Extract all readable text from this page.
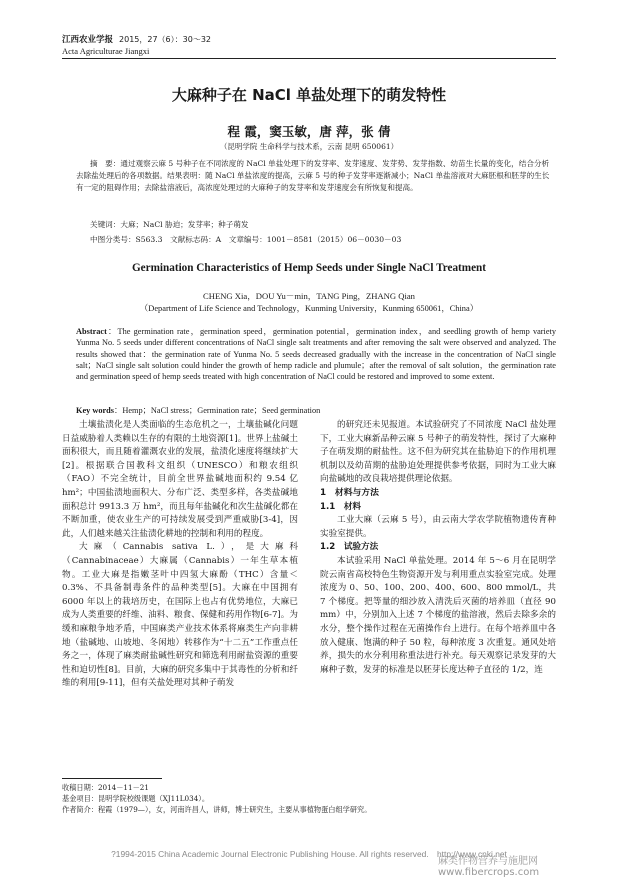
江西农业学报 2015，27（6）：30～32
Acta Agriculturae Jiangxi
大麻种子在 NaCl 单盐处理下的萌发特性
程 霞，窦玉敏，唐 萍，张 倩
（昆明学院 生命科学与技术系，云南 昆明 650061）
摘　要：通过观察云麻 5 号种子在不同浓度的 NaCl 单盐处理下的发芽率、发芽速度、发芽势、发芽指数、幼苗生长量的变化，结合分析去除盐处理后的各项数据。结果表明：随 NaCl 单盐浓度的提高，云麻 5 号的种子发芽率逐渐减小；NaCl 单盐溶液对大麻胚根和胚芽的生长有一定的阻碍作用；去除盐溶液后，高浓度处理过的大麻种子的发芽率和发芽速度会有所恢复和提高。
关键词：大麻；NaCl 胁迫；发芽率；种子萌发
中图分类号：S563.3　文献标志码：A　文章编号：1001－8581（2015）06－0030－03
Germination Characteristics of Hemp Seeds under Single NaCl Treatment
CHENG Xia，DOU Yu－min，TANG Ping，ZHANG Qian
（Department of Life Science and Technology，Kunming University，Kunming 650061，China）
Abstract：The germination rate，germination speed，germination potential，germination index，and seedling growth of hemp variety Yunma No. 5 seeds under different concentrations of NaCl single salt treatments and after removing the salt were observed and analyzed. The results showed that：the germination rate of Yunma No. 5 seeds decreased gradually with the increase in the concentration of NaCl single salt；NaCl single salt solution could hinder the growth of hemp radicle and plumule；after the removal of salt solution，the germination rate and germination speed of hemp seeds treated with high concentration of NaCl could be restored and improved to some extent.
Key words：Hemp；NaCl stress；Germination rate；Seed germination

土壤盐渍化是人类面临的生态危机之一，土壤盐碱化问题日益威胁着人类赖以生存的有限的土地资源[1]。世界上盐碱土面积很大，而且随着灌溉农业的发展，盐渍化速度将继续扩大[2]。根据联合国教科文组织（UNESCO）和粮农组织（FAO）不完全统计，目前全世界盐碱地面积约 9.54 亿 hm²；中国盐渍地面积大、分布广泛、类型多样，各类盐碱地面积总计 9913.3 万 hm²，而且每年盐碱化和次生盐碱化都在不断加重，使农业生产的可持续发展受到严重威胁[3-4]，因此，人们越来越关注盐渍化耕地的控制和利用的程度。

大麻（Cannabis sativa L.），是大麻科（Cannabinaceae）大麻属（Cannabis）一年生草本植物。工业大麻是指嫩茎叶中四氢大麻酚（THC）含量＜0.3%、不具备制毒条件的品种类型[5]。大麻在中国拥有 6000 年以上的栽培历史，在国际上也占有优势地位，大麻已成为人类重要的纤维、油料、粮食、保健和药用作物[6-7]。为缓和麻粮争地矛盾，中国麻类产业技术体系将麻类生产向非耕地（盐碱地、山坡地、冬闲地）转移作为“十二五”工作重点任务之一，体现了麻类耐盐碱性研究和筛选利用耐盐资源的重要性和迫切性[8]。目前，大麻的研究多集中于其毒性的分析和纤维的利用[9-11]，但有关盐处理对其种子萌发

的研究还未见报道。本试验研究了不同浓度 NaCl 盐处理下，工业大麻新品种云麻 5 号种子的萌发特性，探讨了大麻种子在萌发期的耐盐性。这不但为研究其在盐胁迫下的作用机理机制以及幼苗期的盐胁迫处理提供参考依据，同时为工业大麻向盐碱地的改良栽培提供理论依据。

1　材料与方法

1.1　材料

工业大麻（云麻 5 号），由云南大学农学院植物遗传育种实验室提供。

1.2　试验方法

本试验采用 NaCl 单盐处理。2014 年 5～6 月在昆明学院云南省高校特色生物资源开发与利用重点实验室完成。处理浓度为 0、50、100、200、400、600、800 mmol/L，共 7 个梯度。把等量的细沙放入清洗后灭菌的培养皿（直径 90 mm）中，分别加入上述 7 个梯度的盐溶液，然后去除多余的水分，整个操作过程在无菌操作台上进行。在每个培养皿中各放入健康、饱满的种子 50 粒，每种浓度 3 次重复。通风处培养，损失的水分利用称重法进行补充。每天观察记录发芽的大麻种子数，发芽的标准是以胚芽长度达种子直径的 1/2，连

收稿日期：2014－11－21
基金项目：昆明学院校级课题（XJ11L034）。
作者简介：程霞（1979—），女，河南许昌人，讲师，博士研究生，主要从事植物蛋白组学研究。
?1994-2015 China Academic Journal Electronic Publishing House. All rights reserved.　http://www.cnki.net
麻类作物营养与施肥网 www.fibercrops.com
